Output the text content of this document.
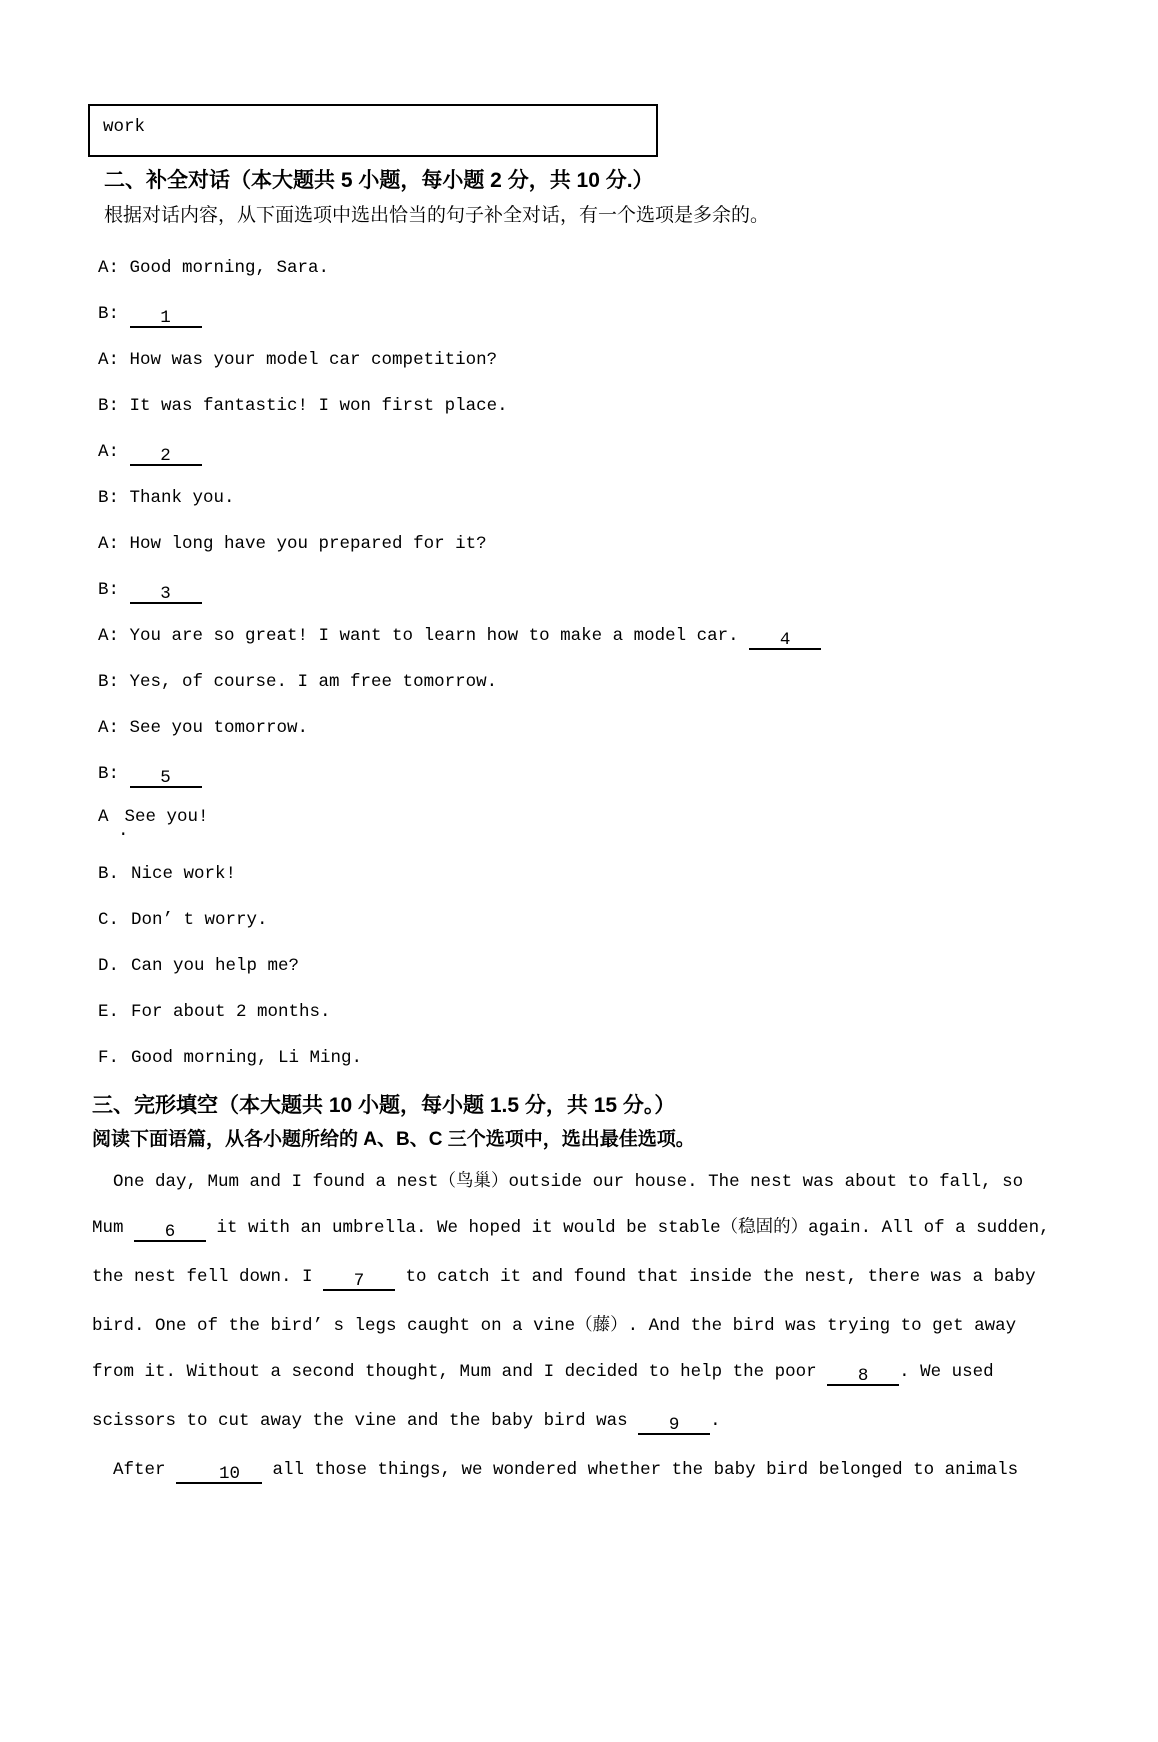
work
二、补全对话（本大题共 5 小题，每小题 2 分，共 10 分.）
根据对话内容，从下面选项中选出恰当的句子补全对话，有一个选项是多余的。
A: Good morning, Sara.
B: 1
A: How was your model car competition?
B: It was fantastic! I won first place.
A: 2
B: Thank you.
A: How long have you prepared for it?
B: 3
A: You are so great! I want to learn how to make a model car. 4
B: Yes, of course. I am free tomorrow.
A: See you tomorrow.
B: 5
A See you!
.
B. Nice work!
C. Don’ t worry.
D. Can you help me?
E. For about 2 months.
F. Good morning, Li Ming.
三、完形填空（本大题共 10 小题，每小题 1.5 分，共 15 分。）
阅读下面语篇，从各小题所给的 A、B、C 三个选项中，选出最佳选项。
One day, Mum and I found a nest（鸟巢）outside our house. The nest was about to fall, so
Mum 6 it with an umbrella. We hoped it would be stable（稳固的）again. All of a sudden,
the nest fell down. I 7 to catch it and found that inside the nest, there was a baby
bird. One of the bird’ s legs caught on a vine（藤）. And the bird was trying to get away
from it. Without a second thought, Mum and I decided to help the poor 8 . We used
scissors to cut away the vine and the baby bird was 9 .
After 10 all those things, we wondered whether the baby bird belonged to animals
